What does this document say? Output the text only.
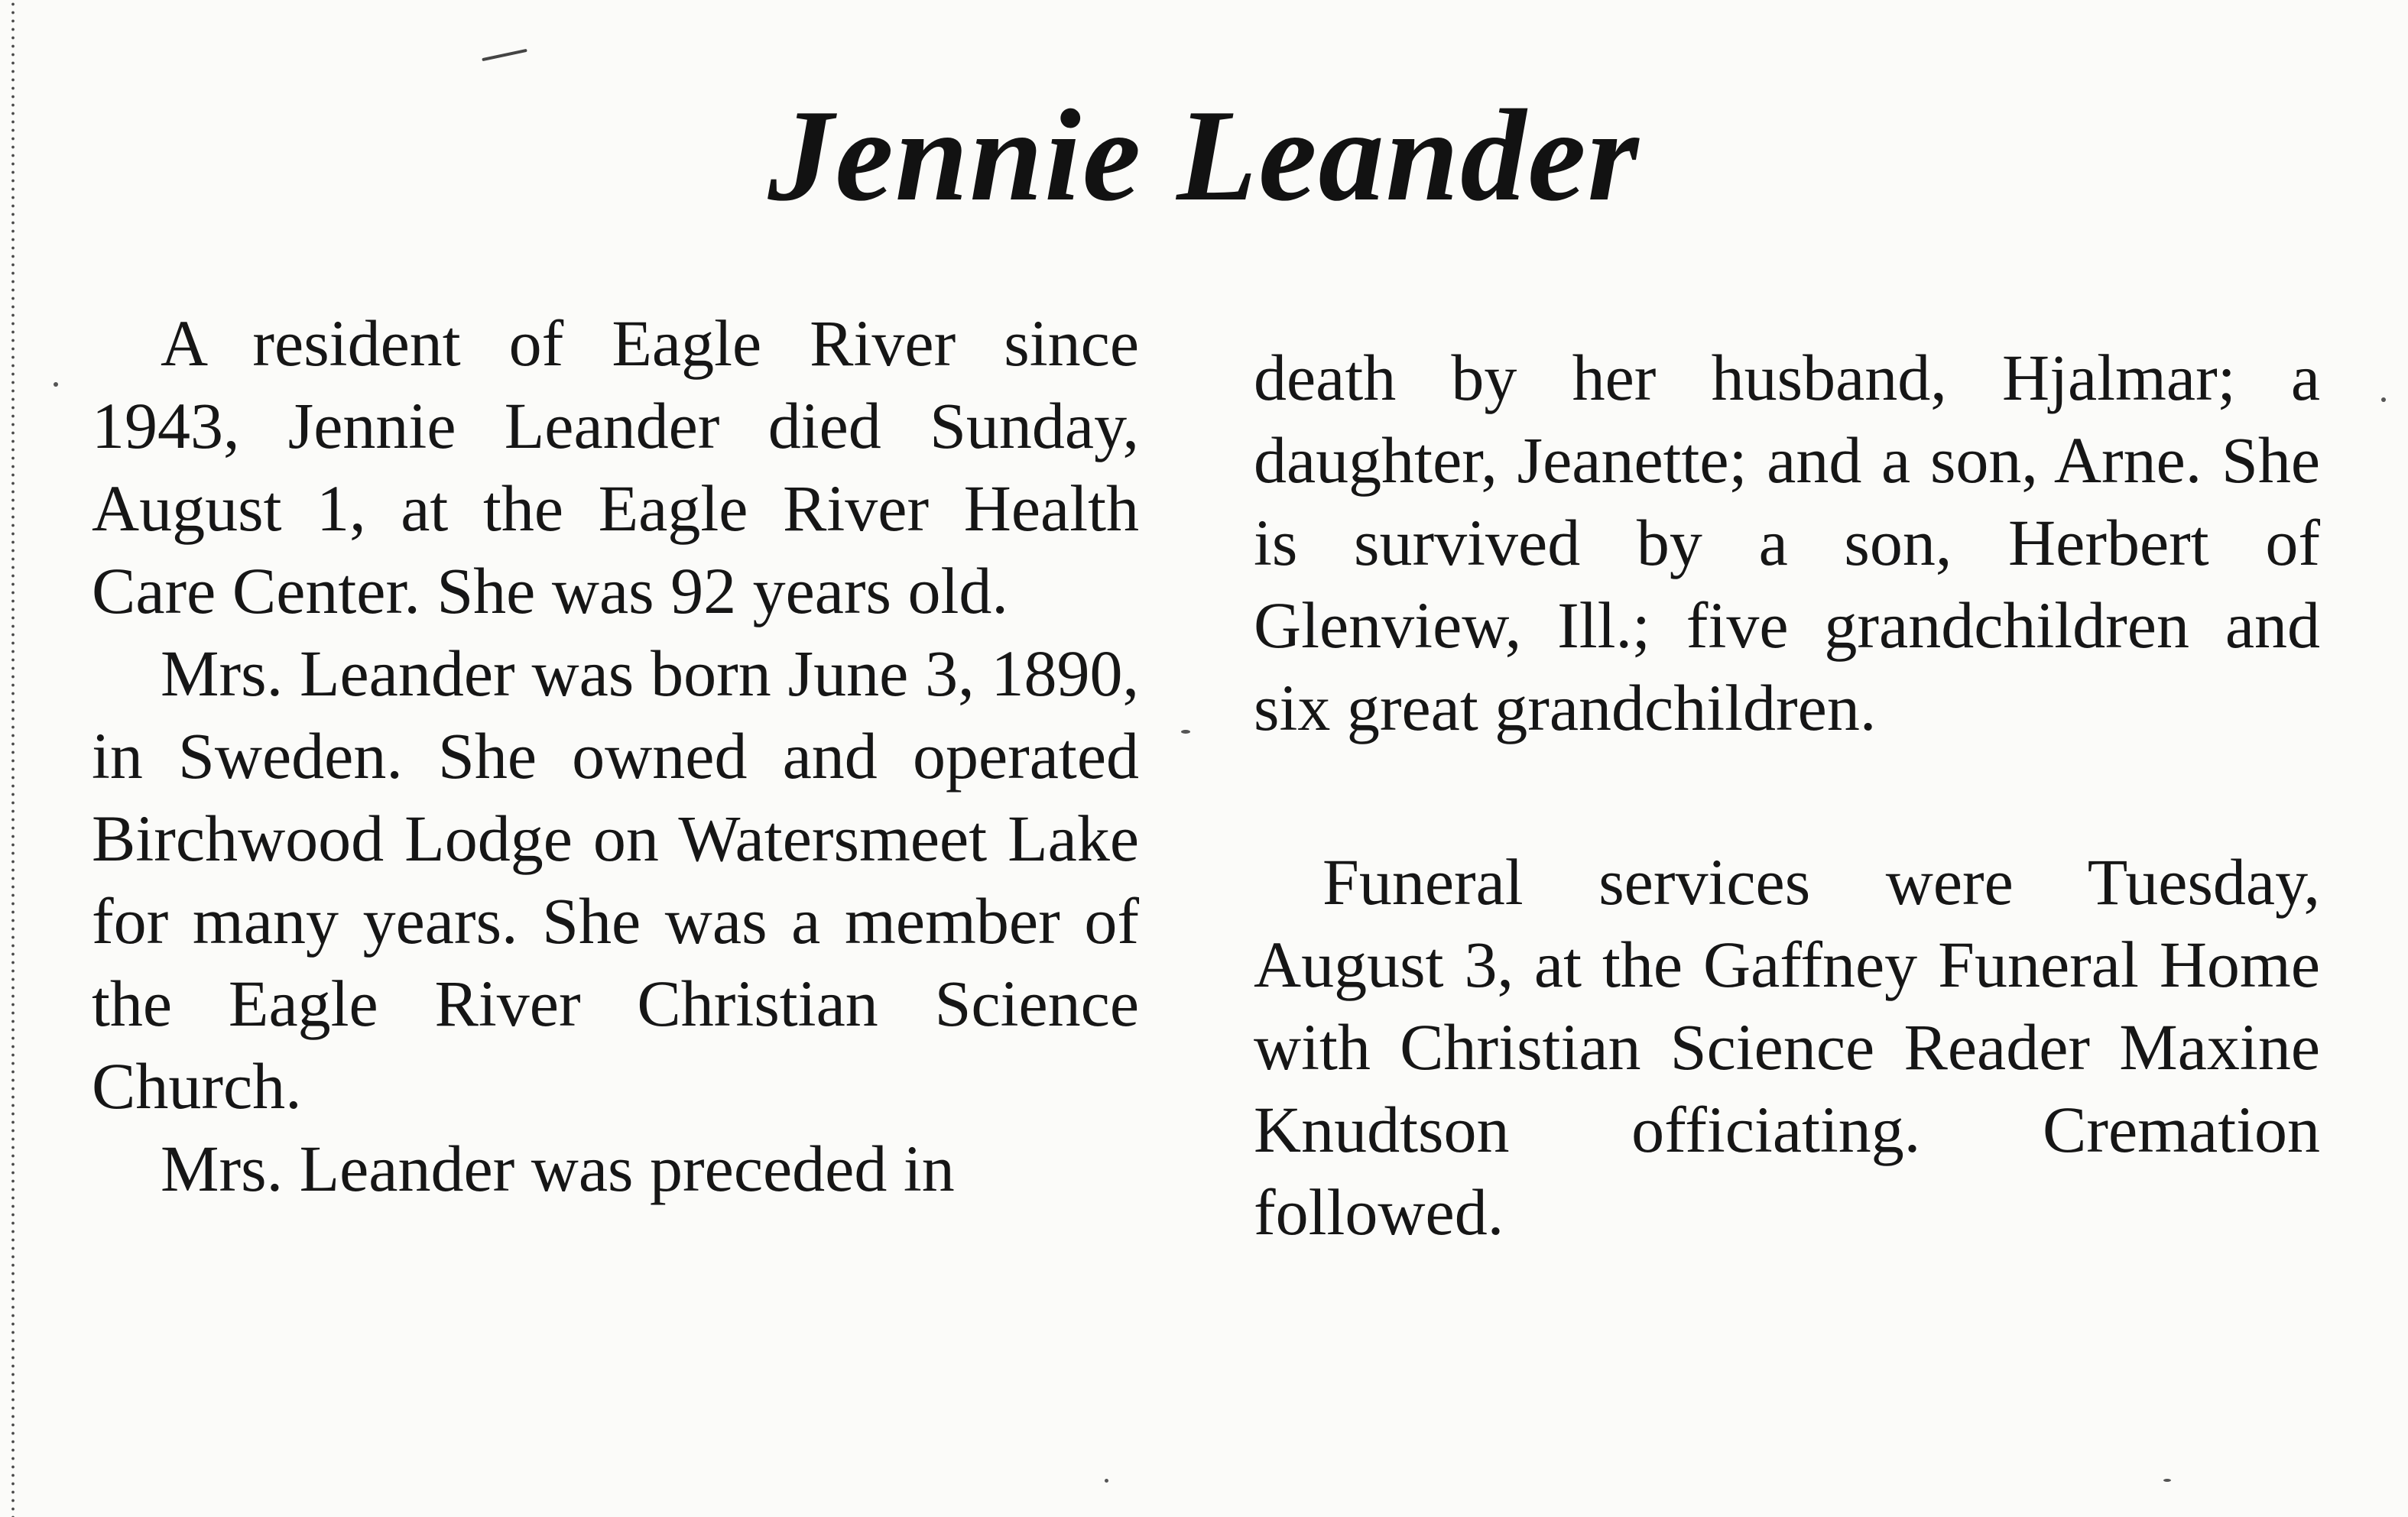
Jennie Leander

A resident of Eagle River since 1943, Jennie Leander died Sunday, August 1, at the Eagle River Health Care Center. She was 92 years old.

Mrs. Leander was born June 3, 1890, in Sweden. She owned and operated Birchwood Lodge on Watersmeet Lake for many years. She was a member of the Eagle River Christian Science Church.

Mrs. Leander was preceded in

death by her husband, Hjalmar; a daughter, Jeanette; and a son, Arne. She is survived by a son, Herbert of Glenview, Ill.; five grandchildren and six great grandchildren.

Funeral services were Tuesday, August 3, at the Gaffney Funeral Home with Christian Science Reader Maxine Knudtson officiating. Cremation followed.
